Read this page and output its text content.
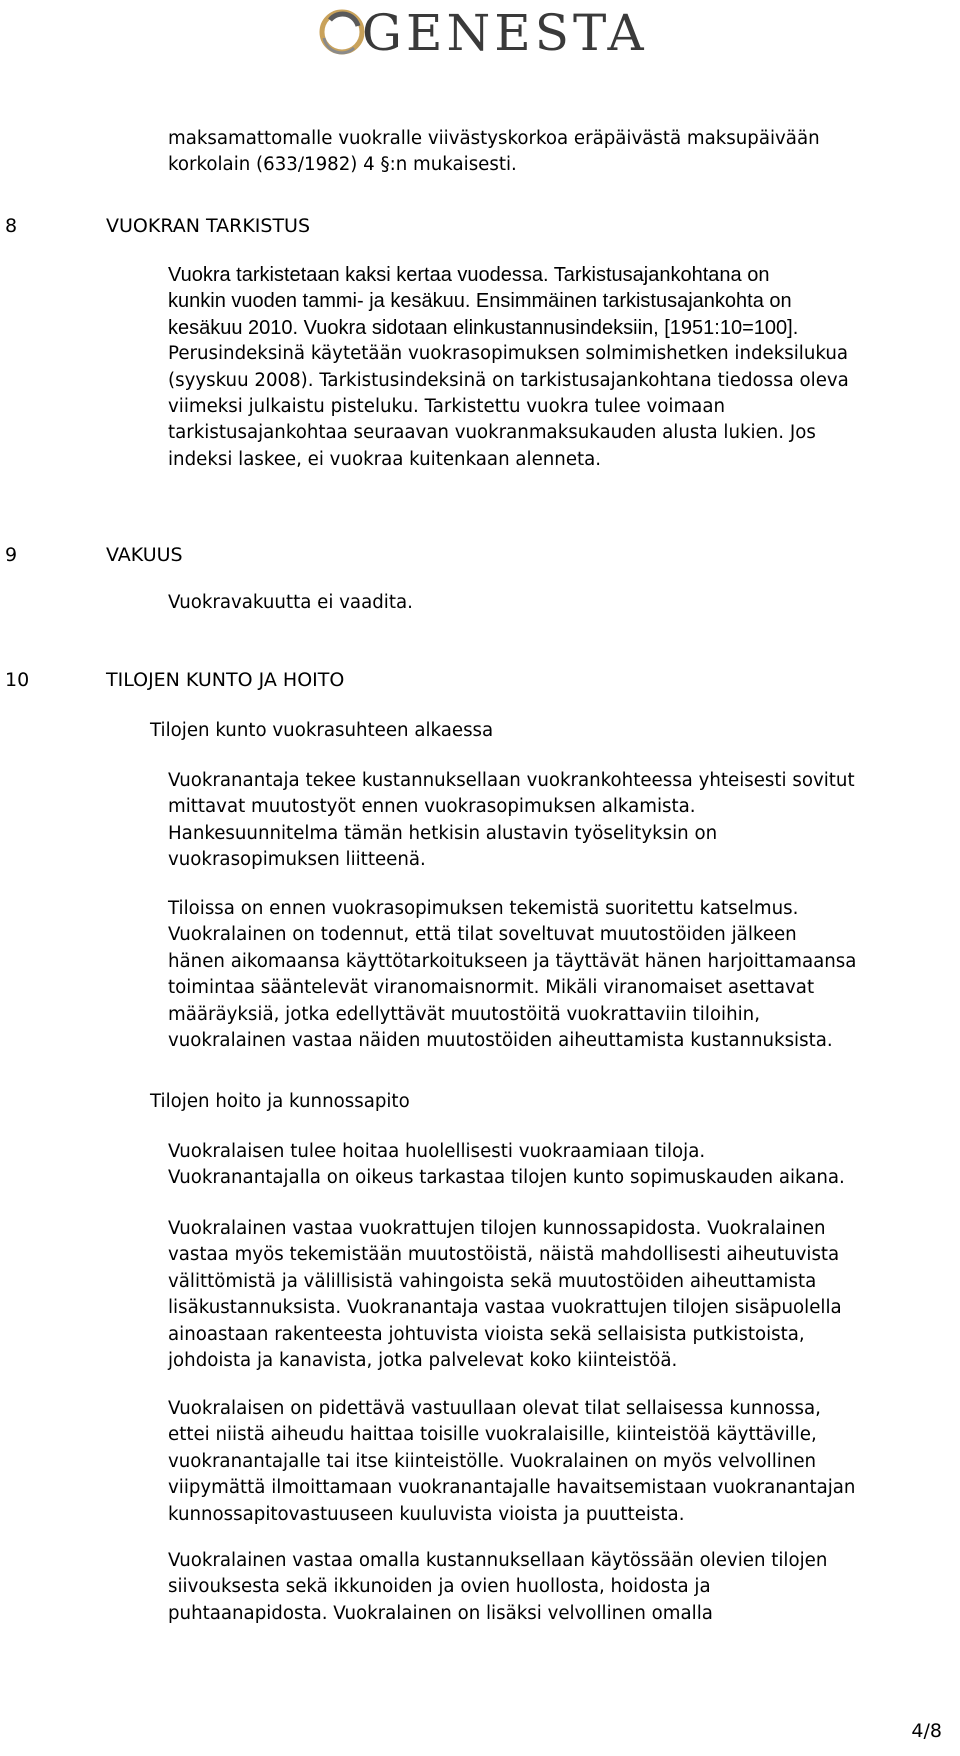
GENESTA
maksamattomalle vuokralle viivästyskorkoa eräpäivästä maksupäivään
korkolain (633/1982) 4 §:n mukaisesti.
8	VUOKRAN TARKISTUS
Vuokra tarkistetaan kaksi kertaa vuodessa. Tarkistusajankohtana on
kunkin vuoden tammi- ja kesäkuu. Ensimmäinen tarkistusajankohta on
kesäkuu 2010. Vuokra sidotaan elinkustannusindeksiin, [1951:10=100].
Perusindeksinä käytetään vuokrasopimuksen solmimishetken indeksilukua
(syyskuu 2008). Tarkistusindeksinä on tarkistusajankohtana tiedossa oleva
viimeksi julkaistu pisteluku. Tarkistettu vuokra tulee voimaan
tarkistusajankohtaa seuraavan vuokranmaksukauden alusta lukien. Jos
indeksi laskee, ei vuokraa kuitenkaan alenneta.
9	VAKUUS
Vuokravakuutta ei vaadita.
10	TILOJEN KUNTO JA HOITO
Tilojen kunto vuokrasuhteen alkaessa
Vuokranantaja tekee kustannuksellaan vuokrankohteessa yhteisesti sovitut
mittavat muutostyöt ennen vuokrasopimuksen alkamista.
Hankesuunnitelma tämän hetkisin alustavin työselityksin on
vuokrasopimuksen liitteenä.
Tiloissa on ennen vuokrasopimuksen tekemistä suoritettu katselmus.
Vuokralainen on todennut, että tilat soveltuvat muutostöiden jälkeen
hänen aikomaansa käyttötarkoitukseen ja täyttävät hänen harjoittamaansa
toimintaa sääntelevät viranomaisnormit. Mikäli viranomaiset asettavat
määräyksiä, jotka edellyttävät muutostöitä vuokrattaviin tiloihin,
vuokralainen vastaa näiden muutostöiden aiheuttamista kustannuksista.
Tilojen hoito ja kunnossapito
Vuokralaisen tulee hoitaa huolellisesti vuokraamiaan tiloja.
Vuokranantajalla on oikeus tarkastaa tilojen kunto sopimuskauden aikana.
Vuokralainen vastaa vuokrattujen tilojen kunnossapidosta. Vuokralainen
vastaa myös tekemistään muutostöistä, näistä mahdollisesti aiheutuvista
välittömistä ja välillisistä vahingoista sekä muutostöiden aiheuttamista
lisäkustannuksista. Vuokranantaja vastaa vuokrattujen tilojen sisäpuolella
ainoastaan rakenteesta johtuvista vioista sekä sellaisista putkistoista,
johdoista ja kanavista, jotka palvelevat koko kiinteistöä.
Vuokralaisen on pidettävä vastuullaan olevat tilat sellaisessa kunnossa,
ettei niistä aiheudu haittaa toisille vuokralaisille, kiinteistöä käyttäville,
vuokranantajalle tai itse kiinteistölle. Vuokralainen on myös velvollinen
viipymättä ilmoittamaan vuokranantajalle havaitsemistaan vuokranantajan
kunnossapitovastuuseen kuuluvista vioista ja puutteista.
Vuokralainen vastaa omalla kustannuksellaan käytössään olevien tilojen
siivouksesta sekä ikkunoiden ja ovien huollosta, hoidosta ja
puhtaanapidosta. Vuokralainen on lisäksi velvollinen omalla
4/8
